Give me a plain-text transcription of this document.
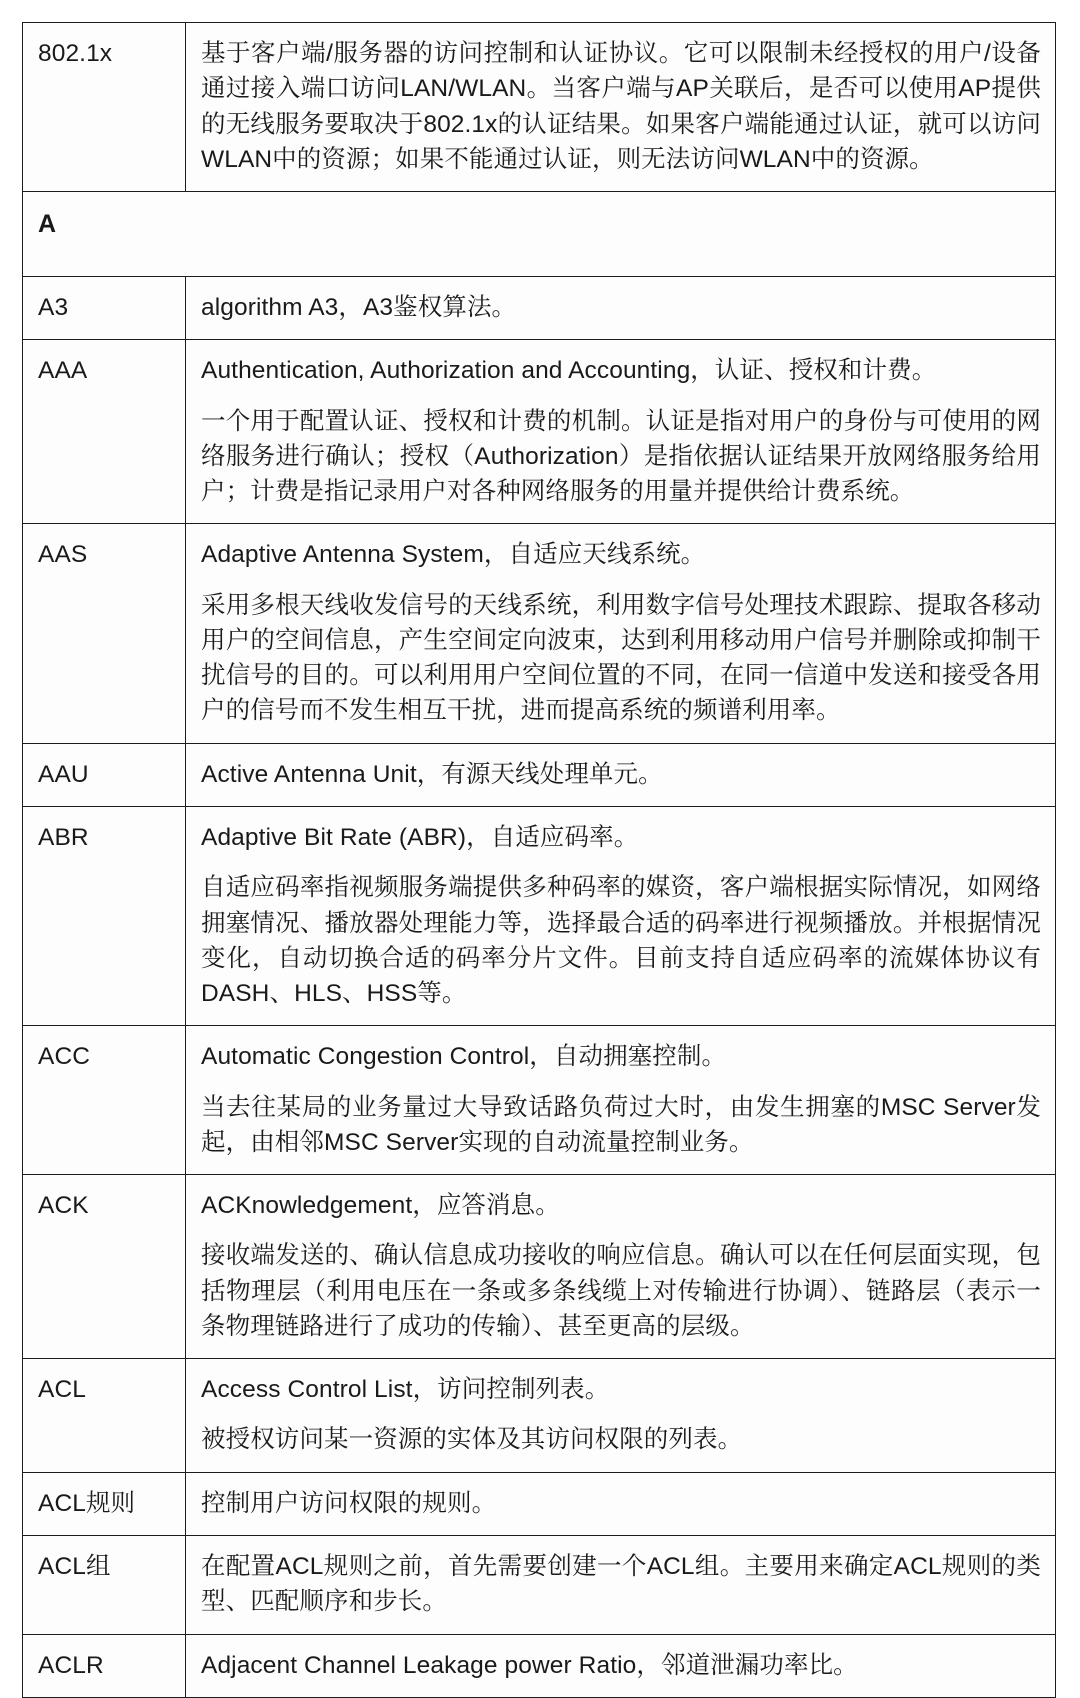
802.1x	基于客户端/服务器的访问控制和认证协议。它可以限制未经授权的用户/设备通过接入端口访问LAN/WLAN。当客户端与AP关联后，是否可以使用AP提供的无线服务要取决于802.1x的认证结果。如果客户端能通过认证，就可以访问WLAN中的资源；如果不能通过认证，则无法访问WLAN中的资源。

A	
A3	algorithm A3，A3鉴权算法。

AAA	Authentication, Authorization and Accounting，认证、授权和计费。

一个用于配置认证、授权和计费的机制。认证是指对用户的身份与可使用的网络服务进行确认；授权（Authorization）是指依据认证结果开放网络服务给用户；计费是指记录用户对各种网络服务的用量并提供给计费系统。

AAS	Adaptive Antenna System，自适应天线系统。

采用多根天线收发信号的天线系统，利用数字信号处理技术跟踪、提取各移动用户的空间信息，产生空间定向波束，达到利用移动用户信号并删除或抑制干扰信号的目的。可以利用用户空间位置的不同，在同一信道中发送和接受各用户的信号而不发生相互干扰，进而提高系统的频谱利用率。

AAU	Active Antenna Unit，有源天线处理单元。

ABR	Adaptive Bit Rate (ABR)，自适应码率。

自适应码率指视频服务端提供多种码率的媒资，客户端根据实际情况，如网络拥塞情况、播放器处理能力等，选择最合适的码率进行视频播放。并根据情况变化，自动切换合适的码率分片文件。目前支持自适应码率的流媒体协议有DASH、HLS、HSS等。

ACC	Automatic Congestion Control，自动拥塞控制。

当去往某局的业务量过大导致话路负荷过大时，由发生拥塞的MSC Server发起，由相邻MSC Server实现的自动流量控制业务。

ACK	ACKnowledgement，应答消息。

接收端发送的、确认信息成功接收的响应信息。确认可以在任何层面实现，包括物理层（利用电压在一条或多条线缆上对传输进行协调）、链路层（表示一条物理链路进行了成功的传输）、甚至更高的层级。

ACL	Access Control List，访问控制列表。

被授权访问某一资源的实体及其访问权限的列表。

ACL规则	控制用户访问权限的规则。

ACL组	在配置ACL规则之前，首先需要创建一个ACL组。主要用来确定ACL规则的类型、匹配顺序和步长。

ACLR	Adjacent Channel Leakage power Ratio，邻道泄漏功率比。
